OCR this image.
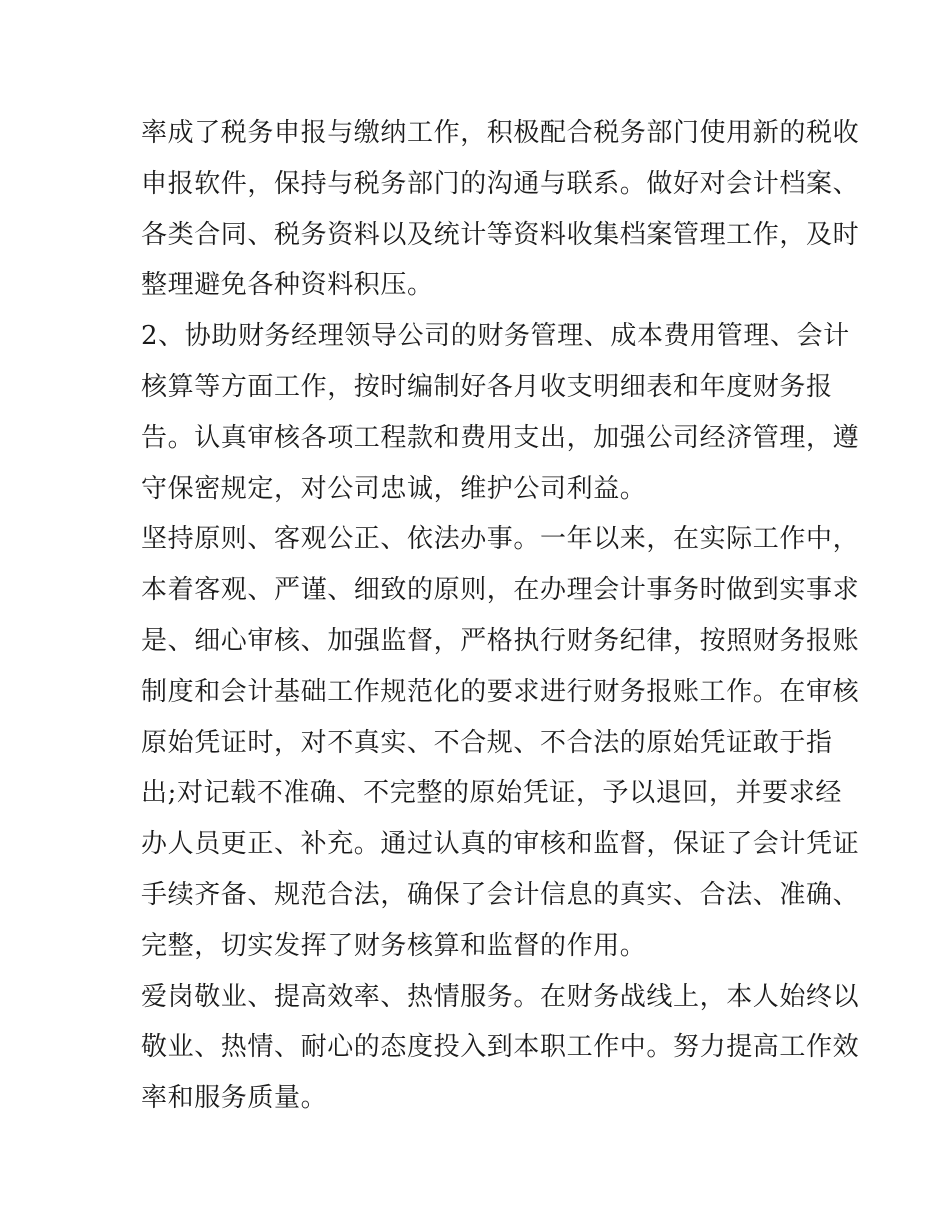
率成了税务申报与缴纳工作，积极配合税务部门使用新的税收
申报软件，保持与税务部门的沟通与联系。做好对会计档案、
各类合同、税务资料以及统计等资料收集档案管理工作，及时
整理避免各种资料积压。
2、协助财务经理领导公司的财务管理、成本费用管理、会计
核算等方面工作，按时编制好各月收支明细表和年度财务报
告。认真审核各项工程款和费用支出，加强公司经济管理，遵
守保密规定，对公司忠诚，维护公司利益。
坚持原则、客观公正、依法办事。一年以来，在实际工作中，
本着客观、严谨、细致的原则，在办理会计事务时做到实事求
是、细心审核、加强监督，严格执行财务纪律，按照财务报账
制度和会计基础工作规范化的要求进行财务报账工作。在审核
原始凭证时，对不真实、不合规、不合法的原始凭证敢于指
出;对记载不准确、不完整的原始凭证，予以退回，并要求经
办人员更正、补充。通过认真的审核和监督，保证了会计凭证
手续齐备、规范合法，确保了会计信息的真实、合法、准确、
完整，切实发挥了财务核算和监督的作用。
爱岗敬业、提高效率、热情服务。在财务战线上，本人始终以
敬业、热情、耐心的态度投入到本职工作中。努力提高工作效
率和服务质量。
